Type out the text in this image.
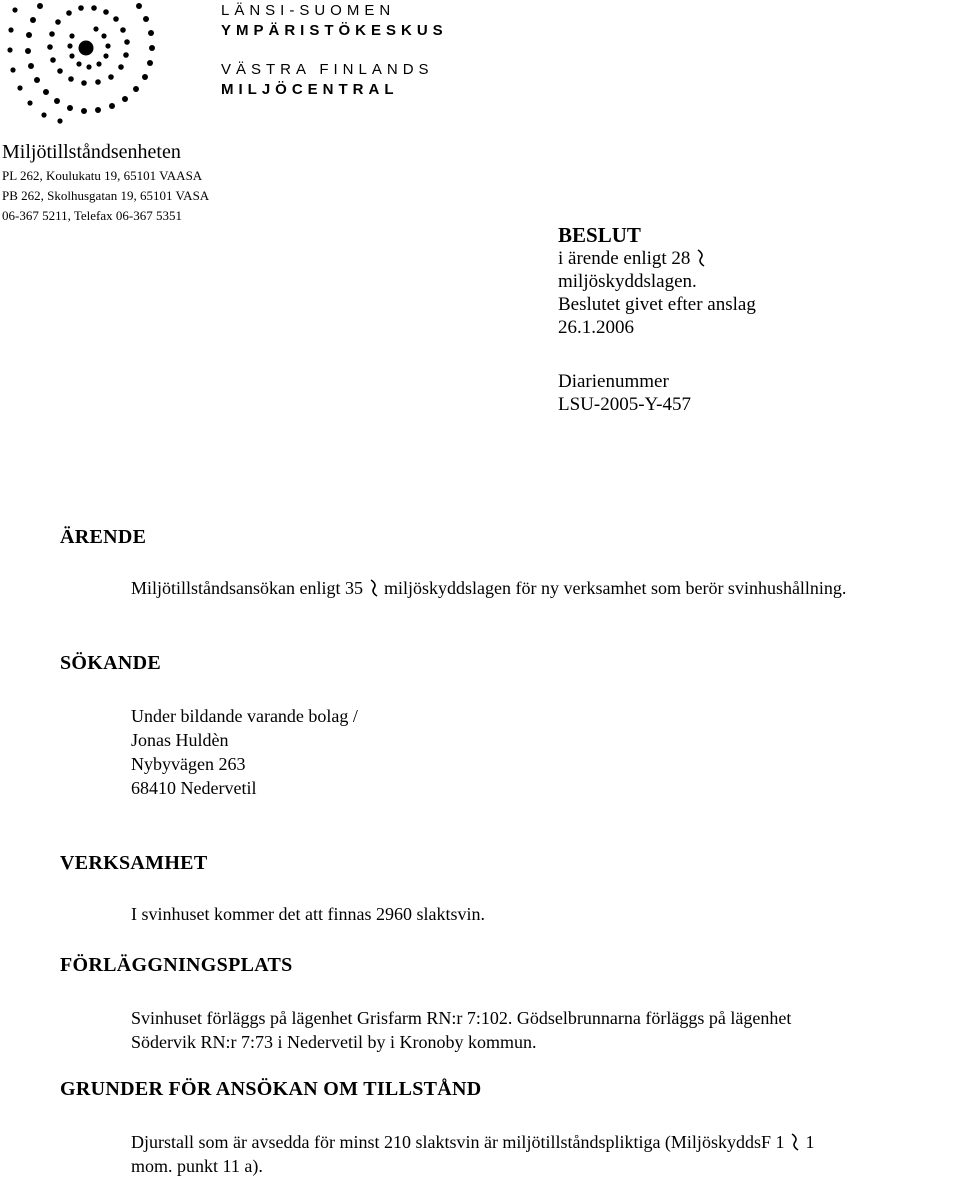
LÄNSI-SUOMEN
YMPÄRISTÖKESKUS
VÄSTRA FINLANDS
MILJÖCENTRAL
Miljötillståndsenheten
PL 262, Koulukatu 19, 65101 VAASA
PB 262, Skolhusgatan 19, 65101 VASA
06-367 5211, Telefax 06-367 5351
BESLUT
i ärende enligt 28
miljöskyddslagen.
Beslutet givet efter anslag
26.1.2006
Diarienummer
LSU-2005-Y-457
ÄRENDE
Miljötillståndsansökan enligt 35 miljöskyddslagen för ny verksamhet som berör svinhushållning.
SÖKANDE
Under bildande varande bolag /
Jonas Huldèn
Nybyvägen 263
68410 Nedervetil
VERKSAMHET
I svinhuset kommer det att finnas 2960 slaktsvin.
FÖRLÄGGNINGSPLATS
Svinhuset förläggs på lägenhet Grisfarm RN:r 7:102. Gödselbrunnarna förläggs på lägenhet
Södervik RN:r 7:73 i Nedervetil by i Kronoby kommun.
GRUNDER FÖR ANSÖKAN OM TILLSTÅND
Djurstall som är avsedda för minst 210 slaktsvin är miljötillståndspliktiga (MiljöskyddsF 1 1
mom. punkt 11 a).
